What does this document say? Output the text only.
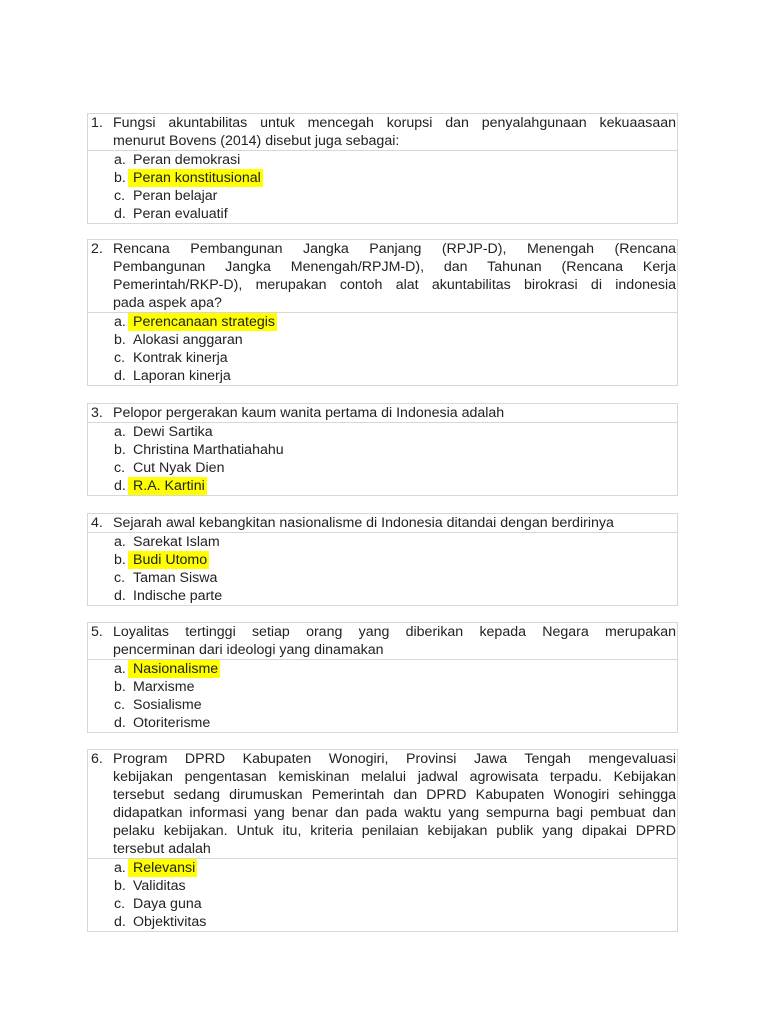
1. Fungsi akuntabilitas untuk mencegah korupsi dan penyalahgunaan kekuaasaan
menurut Bovens (2014) disebut juga sebagai:
a. Peran demokrasi
b. Peran konstitusional
c. Peran belajar
d. Peran evaluatif
2. Rencana Pembangunan Jangka Panjang (RPJP-D), Menengah (Rencana
Pembangunan Jangka Menengah/RPJM-D), dan Tahunan (Rencana Kerja
Pemerintah/RKP-D), merupakan contoh alat akuntabilitas birokrasi di indonesia
pada aspek apa?
a. Perencanaan strategis
b. Alokasi anggaran
c. Kontrak kinerja
d. Laporan kinerja
3. Pelopor pergerakan kaum wanita pertama di Indonesia adalah
a. Dewi Sartika
b. Christina Marthatiahahu
c. Cut Nyak Dien
d. R.A. Kartini
4. Sejarah awal kebangkitan nasionalisme di Indonesia ditandai dengan berdirinya
a. Sarekat Islam
b. Budi Utomo
c. Taman Siswa
d. Indische parte
5. Loyalitas tertinggi setiap orang yang diberikan kepada Negara merupakan
pencerminan dari ideologi yang dinamakan
a. Nasionalisme
b. Marxisme
c. Sosialisme
d. Otoriterisme
6. Program DPRD Kabupaten Wonogiri, Provinsi Jawa Tengah mengevaluasi
kebijakan pengentasan kemiskinan melalui jadwal agrowisata terpadu. Kebijakan
tersebut sedang dirumuskan Pemerintah dan DPRD Kabupaten Wonogiri sehingga
didapatkan informasi yang benar dan pada waktu yang sempurna bagi pembuat dan
pelaku kebijakan. Untuk itu, kriteria penilaian kebijakan publik yang dipakai DPRD
tersebut adalah
a. Relevansi
b. Validitas
c. Daya guna
d. Objektivitas
